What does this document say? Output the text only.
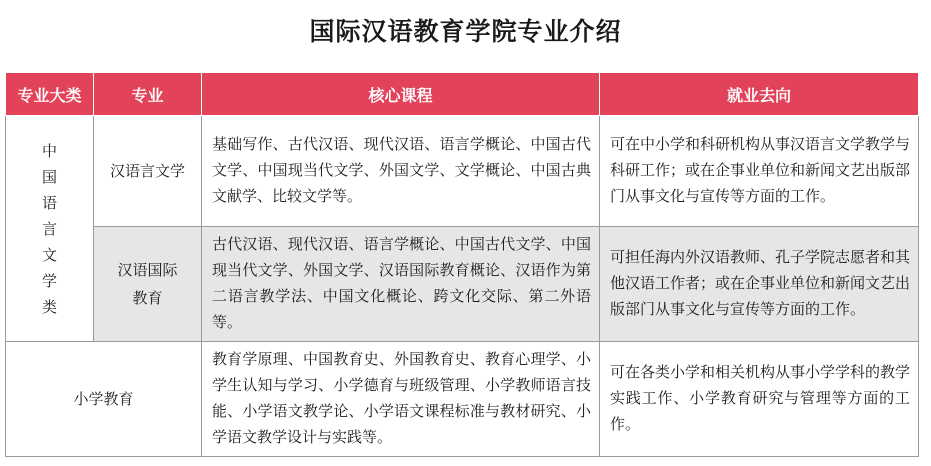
国际汉语教育学院专业介绍
专业大类	专业	核心课程	就业去向
中国语言文学类	汉语言文学	基础写作、古代汉语、现代汉语、语言学概论、中国古代文学、中国现当代文学、外国文学、文学概论、中国古典文献学、比较文学等。	可在中小学和科研机构从事汉语言文学教学与科研工作；或在企事业单位和新闻文艺出版部门从事文化与宣传等方面的工作。
	汉语国际教育	古代汉语、现代汉语、语言学概论、中国古代文学、中国现当代文学、外国文学、汉语国际教育概论、汉语作为第二语言教学法、中国文化概论、跨文化交际、第二外语等。	可担任海内外汉语教师、孔子学院志愿者和其他汉语工作者；或在企事业单位和新闻文艺出版部门从事文化与宣传等方面的工作。
小学教育		教育学原理、中国教育史、外国教育史、教育心理学、小学生认知与学习、小学德育与班级管理、小学教师语言技能、小学语文教学论、小学语文课程标准与教材研究、小学语文教学设计与实践等。	可在各类小学和相关机构从事小学学科的教学实践工作、小学教育研究与管理等方面的工作。
